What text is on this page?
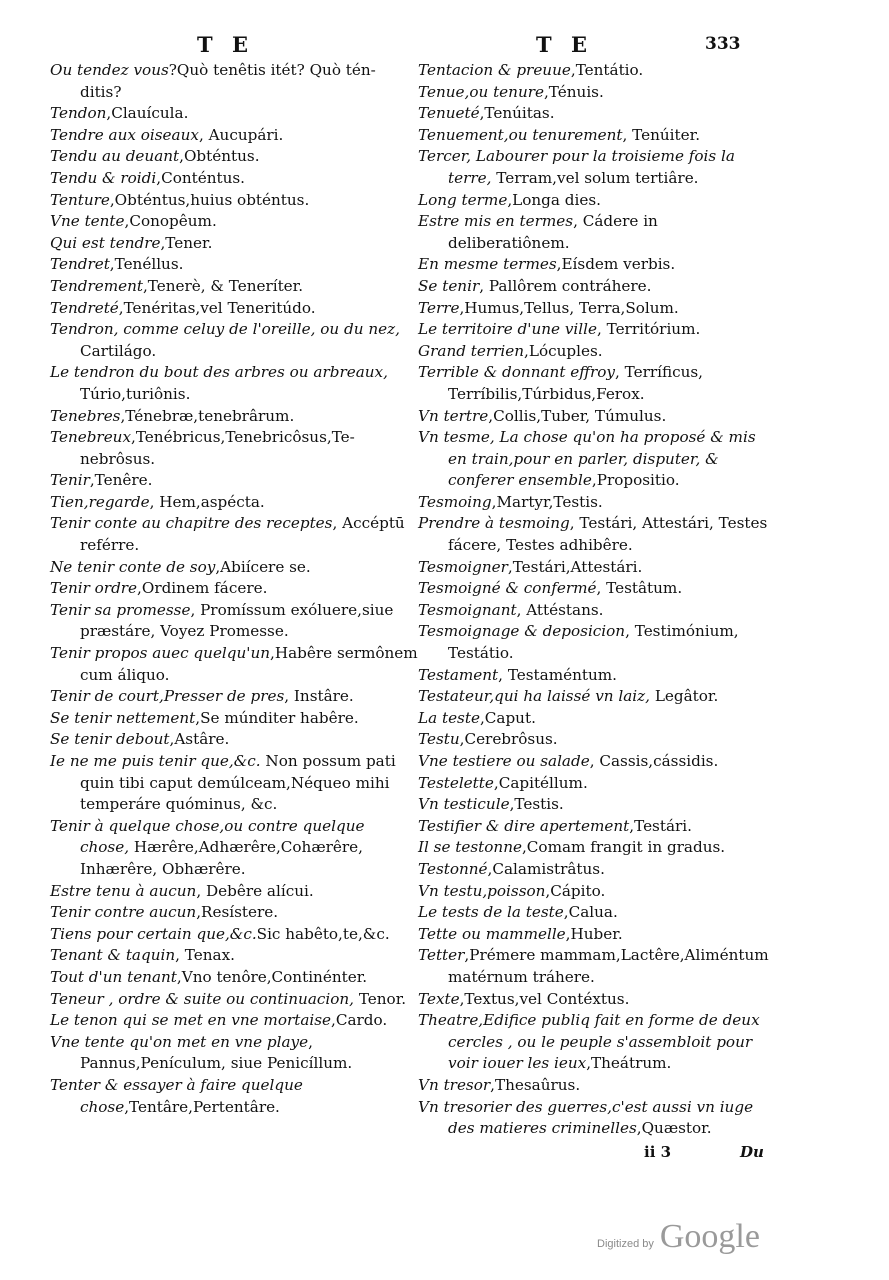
T E	T E	333

Ou tendez vous?Quò tenêtis itét? Quò tén- ditis?

Tendon,Clauícula.

Tendre aux oiseaux, Aucupári.

Tendu au deuant,Obténtus.

Tendu & roidi,Conténtus.

Tenture,Obténtus,huius obténtus.

Vne tente,Conopêum.

Qui est tendre,Tener.

Tendret,Tenéllus.

Tendrement,Tenerè, & Teneríter.

Tendreté,Tenéritas,vel Teneritúdo.

Tendron, comme celuy de l'oreille, ou du nez, Cartilágo.

Le tendron du bout des arbres ou arbreaux, Túrio,turiônis.

Tenebres,Ténebræ,tenebrârum.

Tenebreux,Tenébricus,Tenebricôsus,Te- nebrôsus.

Tenir,Tenêre.

Tien,regarde, Hem,aspécta.

Tenir conte au chapitre des receptes, Accéptū reférre.

Ne tenir conte de soy,Abiícere se.

Tenir ordre,Ordinem fácere.

Tenir sa promesse, Promíssum exóluere,siue præstáre, Voyez Promesse.

Tenir propos auec quelqu'un,Habêre sermônem cum áliquo.

Tenir de court,Presser de pres, Instâre.

Se tenir nettement,Se múnditer habêre.

Se tenir debout,Astâre.

Ie ne me puis tenir que,&c. Non possum pati quin tibi caput demúlceam,Néqueo mihi temperáre quóminus, &c.

Tenir à quelque chose,ou contre quelque chose, Hærêre,Adhærêre,Cohærêre, Inhærêre, Obhærêre.

Estre tenu à aucun, Debêre alícui.

Tenir contre aucun,Resístere.

Tiens pour certain que,&c.Sic habêto,te,&c.

Tenant & taquin, Tenax.

Tout d'un tenant,Vno tenôre,Continénter.

Teneur , ordre & suite ou continuacion, Tenor.

Le tenon qui se met en vne mortaise,Cardo.

Vne tente qu'on met en vne playe, Pannus,Penículum, siue Penicíllum.

Tenter & essayer à faire quelque chose,Tentâre,Pertentâre.

Tentacion & preuue,Tentátio.

Tenue,ou tenure,Ténuis.

Tenueté,Tenúitas.

Tenuement,ou tenurement, Tenúiter.

Tercer, Labourer pour la troisieme fois la terre, Terram,vel solum tertiâre.

Long terme,Longa dies.

Estre mis en termes, Cádere in deliberatiônem.

En mesme termes,Eísdem verbis.

Se tenir, Pallôrem contráhere.

Terre,Humus,Tellus, Terra,Solum.

Le territoire d'une ville, Territórium.

Grand terrien,Lócuples.

Terrible & donnant effroy, Terríficus, Terríbilis,Túrbidus,Ferox.

Vn tertre,Collis,Tuber, Túmulus.

Vn tesme, La chose qu'on ha proposé & mis en train,pour en parler, disputer, & conferer ensemble,Propositio.

Tesmoing,Martyr,Testis.

Prendre à tesmoing, Testári, Attestári, Testes fácere, Testes adhibêre.

Tesmoigner,Testári,Attestári.

Tesmoigné & confermé, Testâtum.

Tesmoignant, Attéstans.

Tesmoignage & deposicion, Testimónium, Testátio.

Testament, Testaméntum.

Testateur,qui ha laissé vn laiz, Legâtor.

La teste,Caput.

Testu,Cerebrôsus.

Vne testiere ou salade, Cassis,cássidis.

Testelette,Capitéllum.

Vn testicule,Testis.

Testifier & dire apertement,Testári.

Il se testonne,Comam frangit in gradus.

Testonné,Calamistrâtus.

Vn testu,poisson,Cápito.

Le tests de la teste,Calua.

Tette ou mammelle,Huber.

Tetter,Prémere mammam,Lactêre,Aliméntum matérnum tráhere.

Texte,Textus,vel Contéxtus.

Theatre,Edifice publiq fait en forme de deux cercles , ou le peuple s'assembloit pour voir iouer les ieux,Theátrum.

Vn tresor,Thesaûrus.

Vn tresorier des guerres,c'est aussi vn iuge des matieres criminelles,Quæstor.

ii 3	Du
Digitized by Google
